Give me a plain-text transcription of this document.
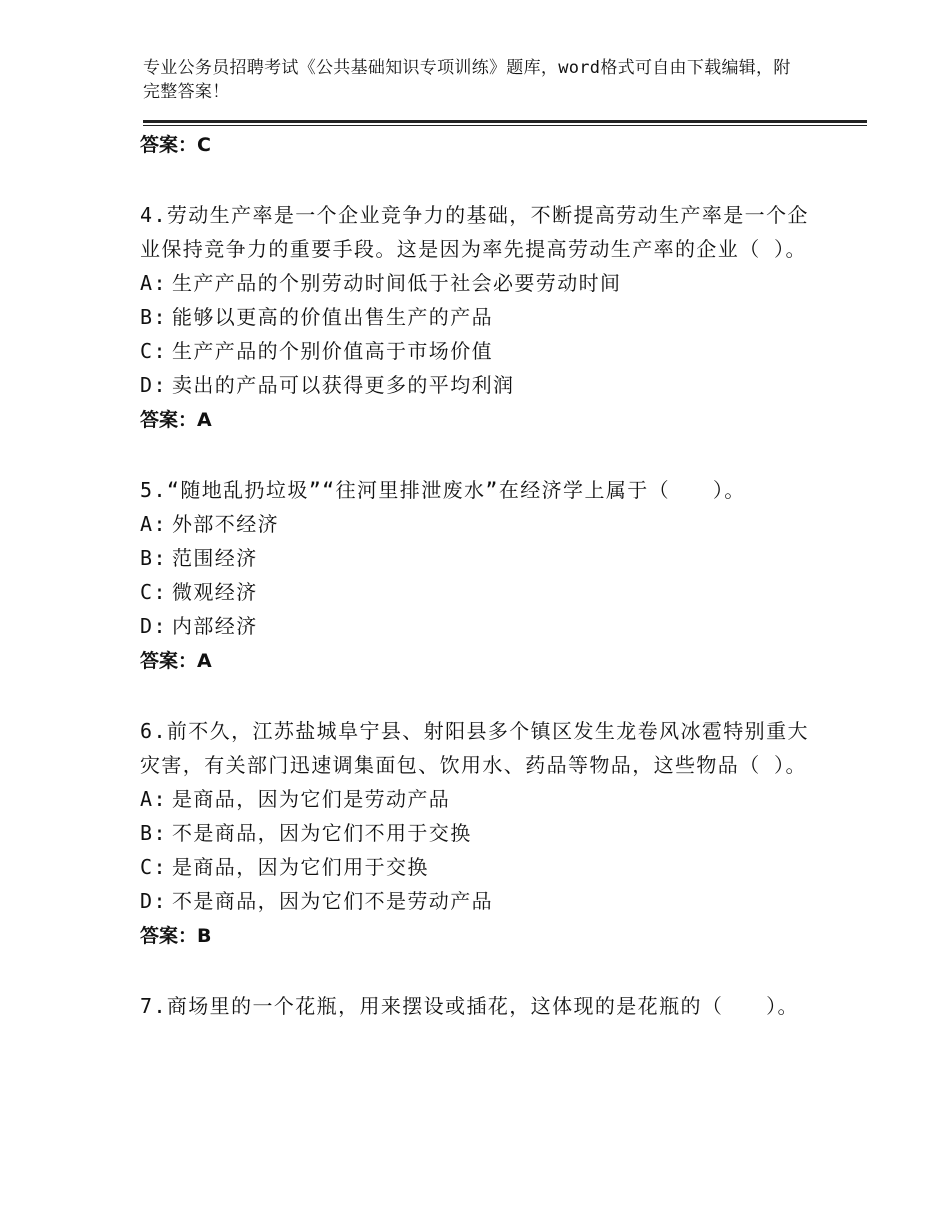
专业公务员招聘考试《公共基础知识专项训练》题库，word格式可自由下载编辑，附完整答案！

答案：C

4.劳动生产率是一个企业竞争力的基础，不断提高劳动生产率是一个企业保持竞争力的重要手段。这是因为率先提高劳动生产率的企业（ ）。

A: 生产产品的个别劳动时间低于社会必要劳动时间

B: 能够以更高的价值出售生产的产品

C: 生产产品的个别价值高于市场价值

D: 卖出的产品可以获得更多的平均利润

答案：A

5.“随地乱扔垃圾”“往河里排泄废水”在经济学上属于（　　）。

A: 外部不经济

B: 范围经济

C: 微观经济

D: 内部经济

答案：A

6.前不久，江苏盐城阜宁县、射阳县多个镇区发生龙卷风冰雹特别重大灾害，有关部门迅速调集面包、饮用水、药品等物品，这些物品（ ）。

A: 是商品，因为它们是劳动产品

B: 不是商品，因为它们不用于交换

C: 是商品，因为它们用于交换

D: 不是商品，因为它们不是劳动产品

答案：B

7.商场里的一个花瓶，用来摆设或插花，这体现的是花瓶的（　　）。
